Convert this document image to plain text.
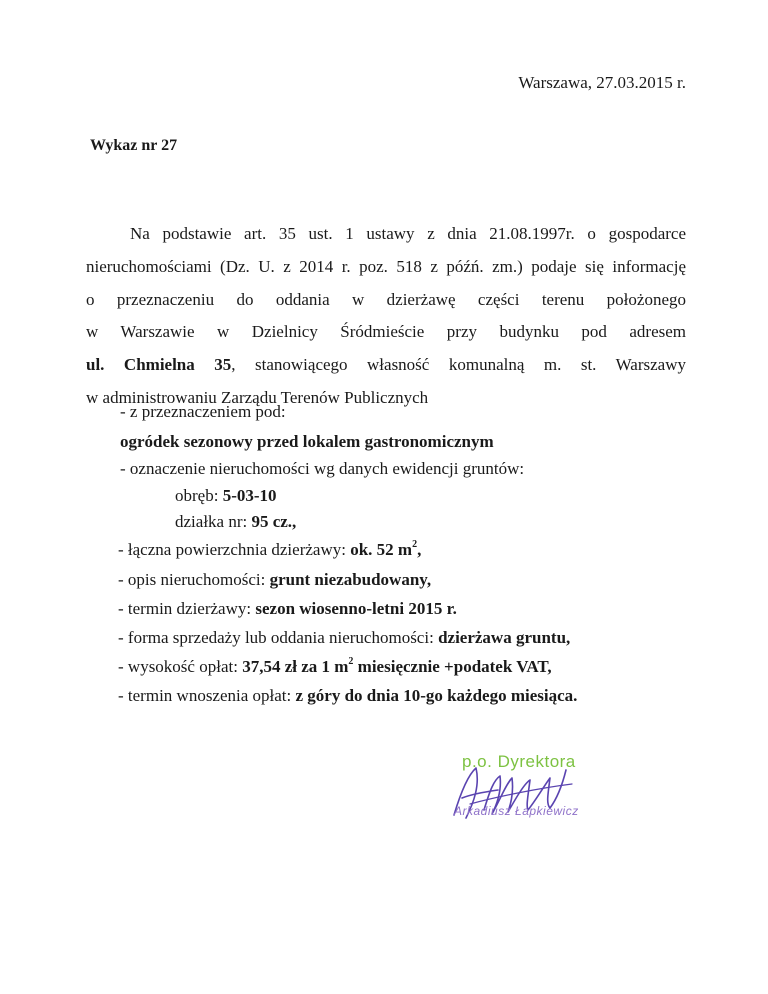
Warszawa, 27.03.2015 r.
Wykaz nr 27
Na podstawie art. 35 ust. 1 ustawy z dnia 21.08.1997r. o gospodarce
nieruchomościami (Dz. U. z 2014 r. poz. 518 z późń. zm.) podaje się informację
o przeznaczeniu do oddania w dzierżawę części terenu położonego
w Warszawie w Dzielnicy Śródmieście przy budynku pod adresem
ul. Chmielna 35, stanowiącego własność komunalną m. st. Warszawy
w administrowaniu Zarządu Terenów Publicznych
- z przeznaczeniem pod:
ogródek sezonowy przed lokalem gastronomicznym
- oznaczenie nieruchomości wg danych ewidencji gruntów:
obręb: 5-03-10
działka nr: 95 cz.,
- łączna powierzchnia dzierżawy: ok. 52 $m^2$,
- opis nieruchomości: grunt niezabudowany,
- termin dzierżawy: sezon wiosenno-letni 2015 r.
- forma sprzedaży lub oddania nieruchomości: dzierżawa gruntu,
- wysokość opłat: 37,54 zł za 1 $m^2$ miesięcznie +podatek VAT,
- termin wnoszenia opłat: z góry do dnia 10-go każdego miesiąca.
p.o. Dyrektora
Arkadiusz Łapkiewicz
